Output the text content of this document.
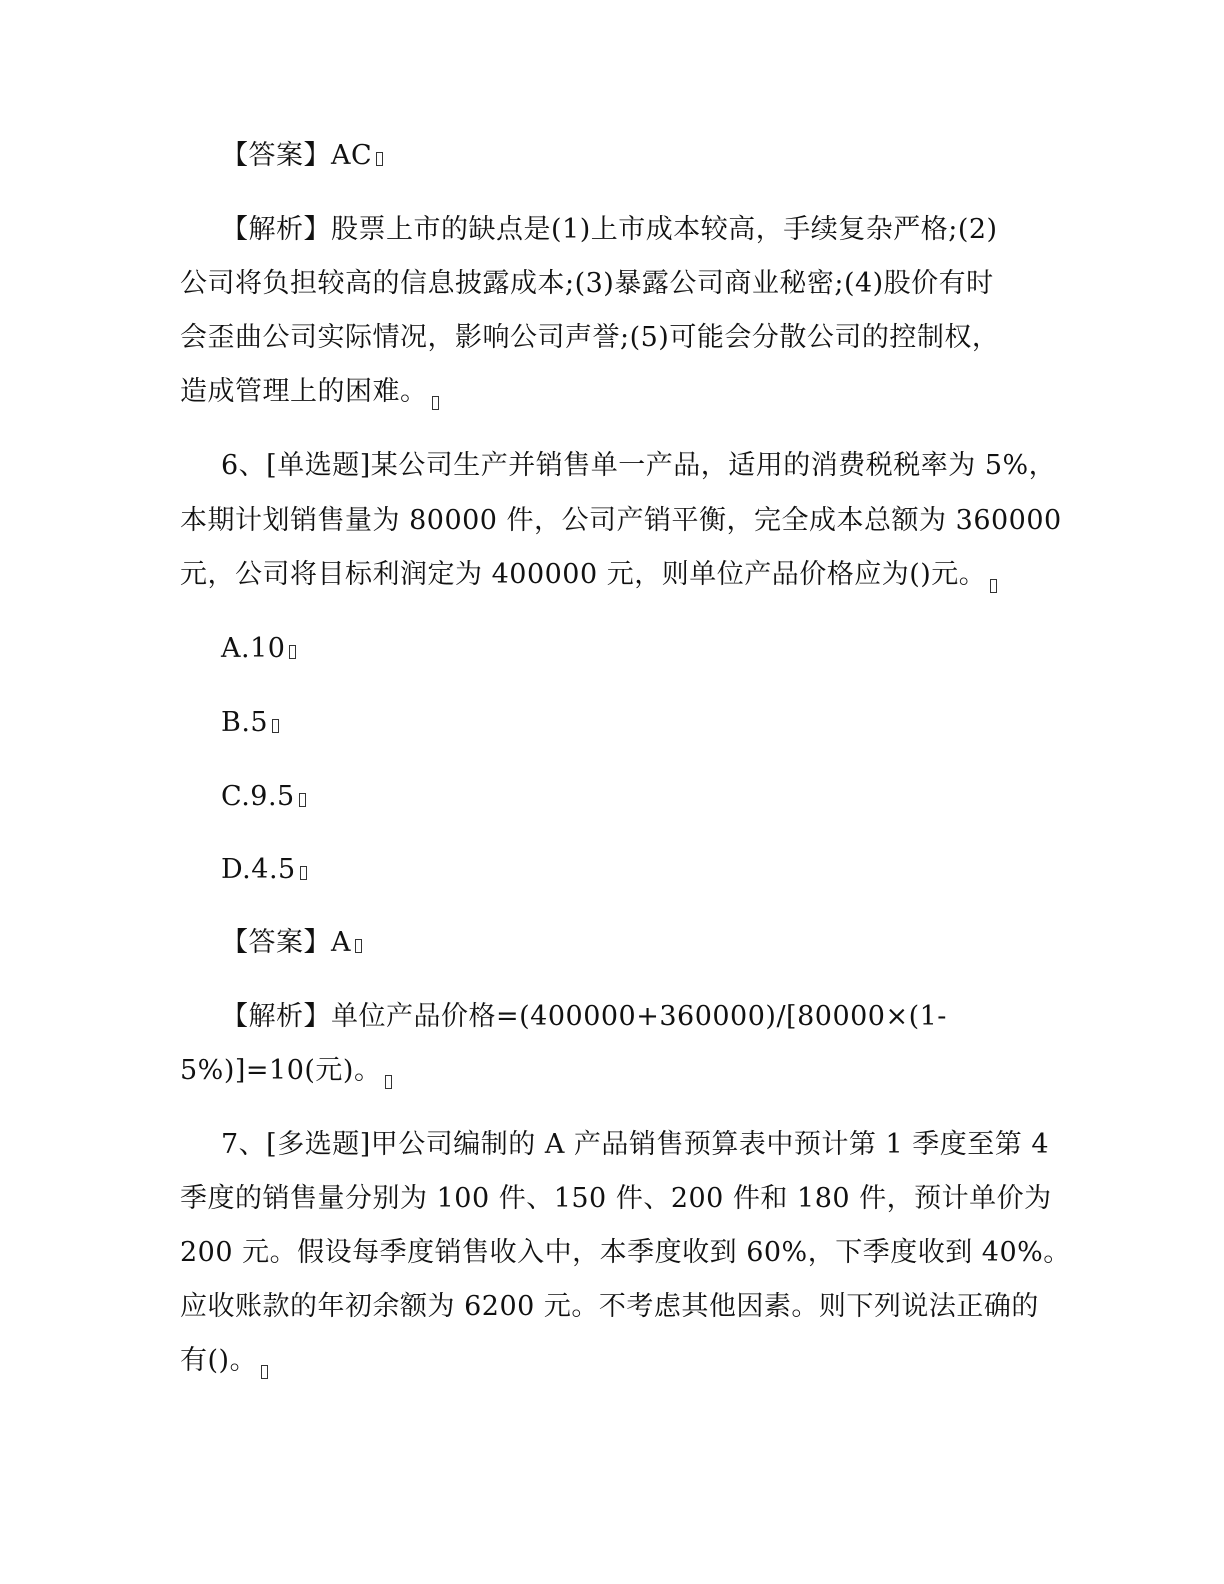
【答案】AC
【解析】股票上市的缺点是(1)上市成本较高，手续复杂严格;(2)
公司将负担较高的信息披露成本;(3)暴露公司商业秘密;(4)股价有时
会歪曲公司实际情况，影响公司声誉;(5)可能会分散公司的控制权，
造成管理上的困难。
6、[单选题]某公司生产并销售单一产品，适用的消费税税率为 5%，
本期计划销售量为 80000 件，公司产销平衡，完全成本总额为 360000
元，公司将目标利润定为 400000 元，则单位产品价格应为()元。
A.10
B.5
C.9.5
D.4.5
【答案】A
【解析】单位产品价格=(400000+360000)/[80000×(1-
5%)]=10(元)。
7、[多选题]甲公司编制的 A 产品销售预算表中预计第 1 季度至第 4
季度的销售量分别为 100 件、150 件、200 件和 180 件，预计单价为
200 元。假设每季度销售收入中，本季度收到 60%，下季度收到 40%。
应收账款的年初余额为 6200 元。不考虑其他因素。则下列说法正确的
有()。
